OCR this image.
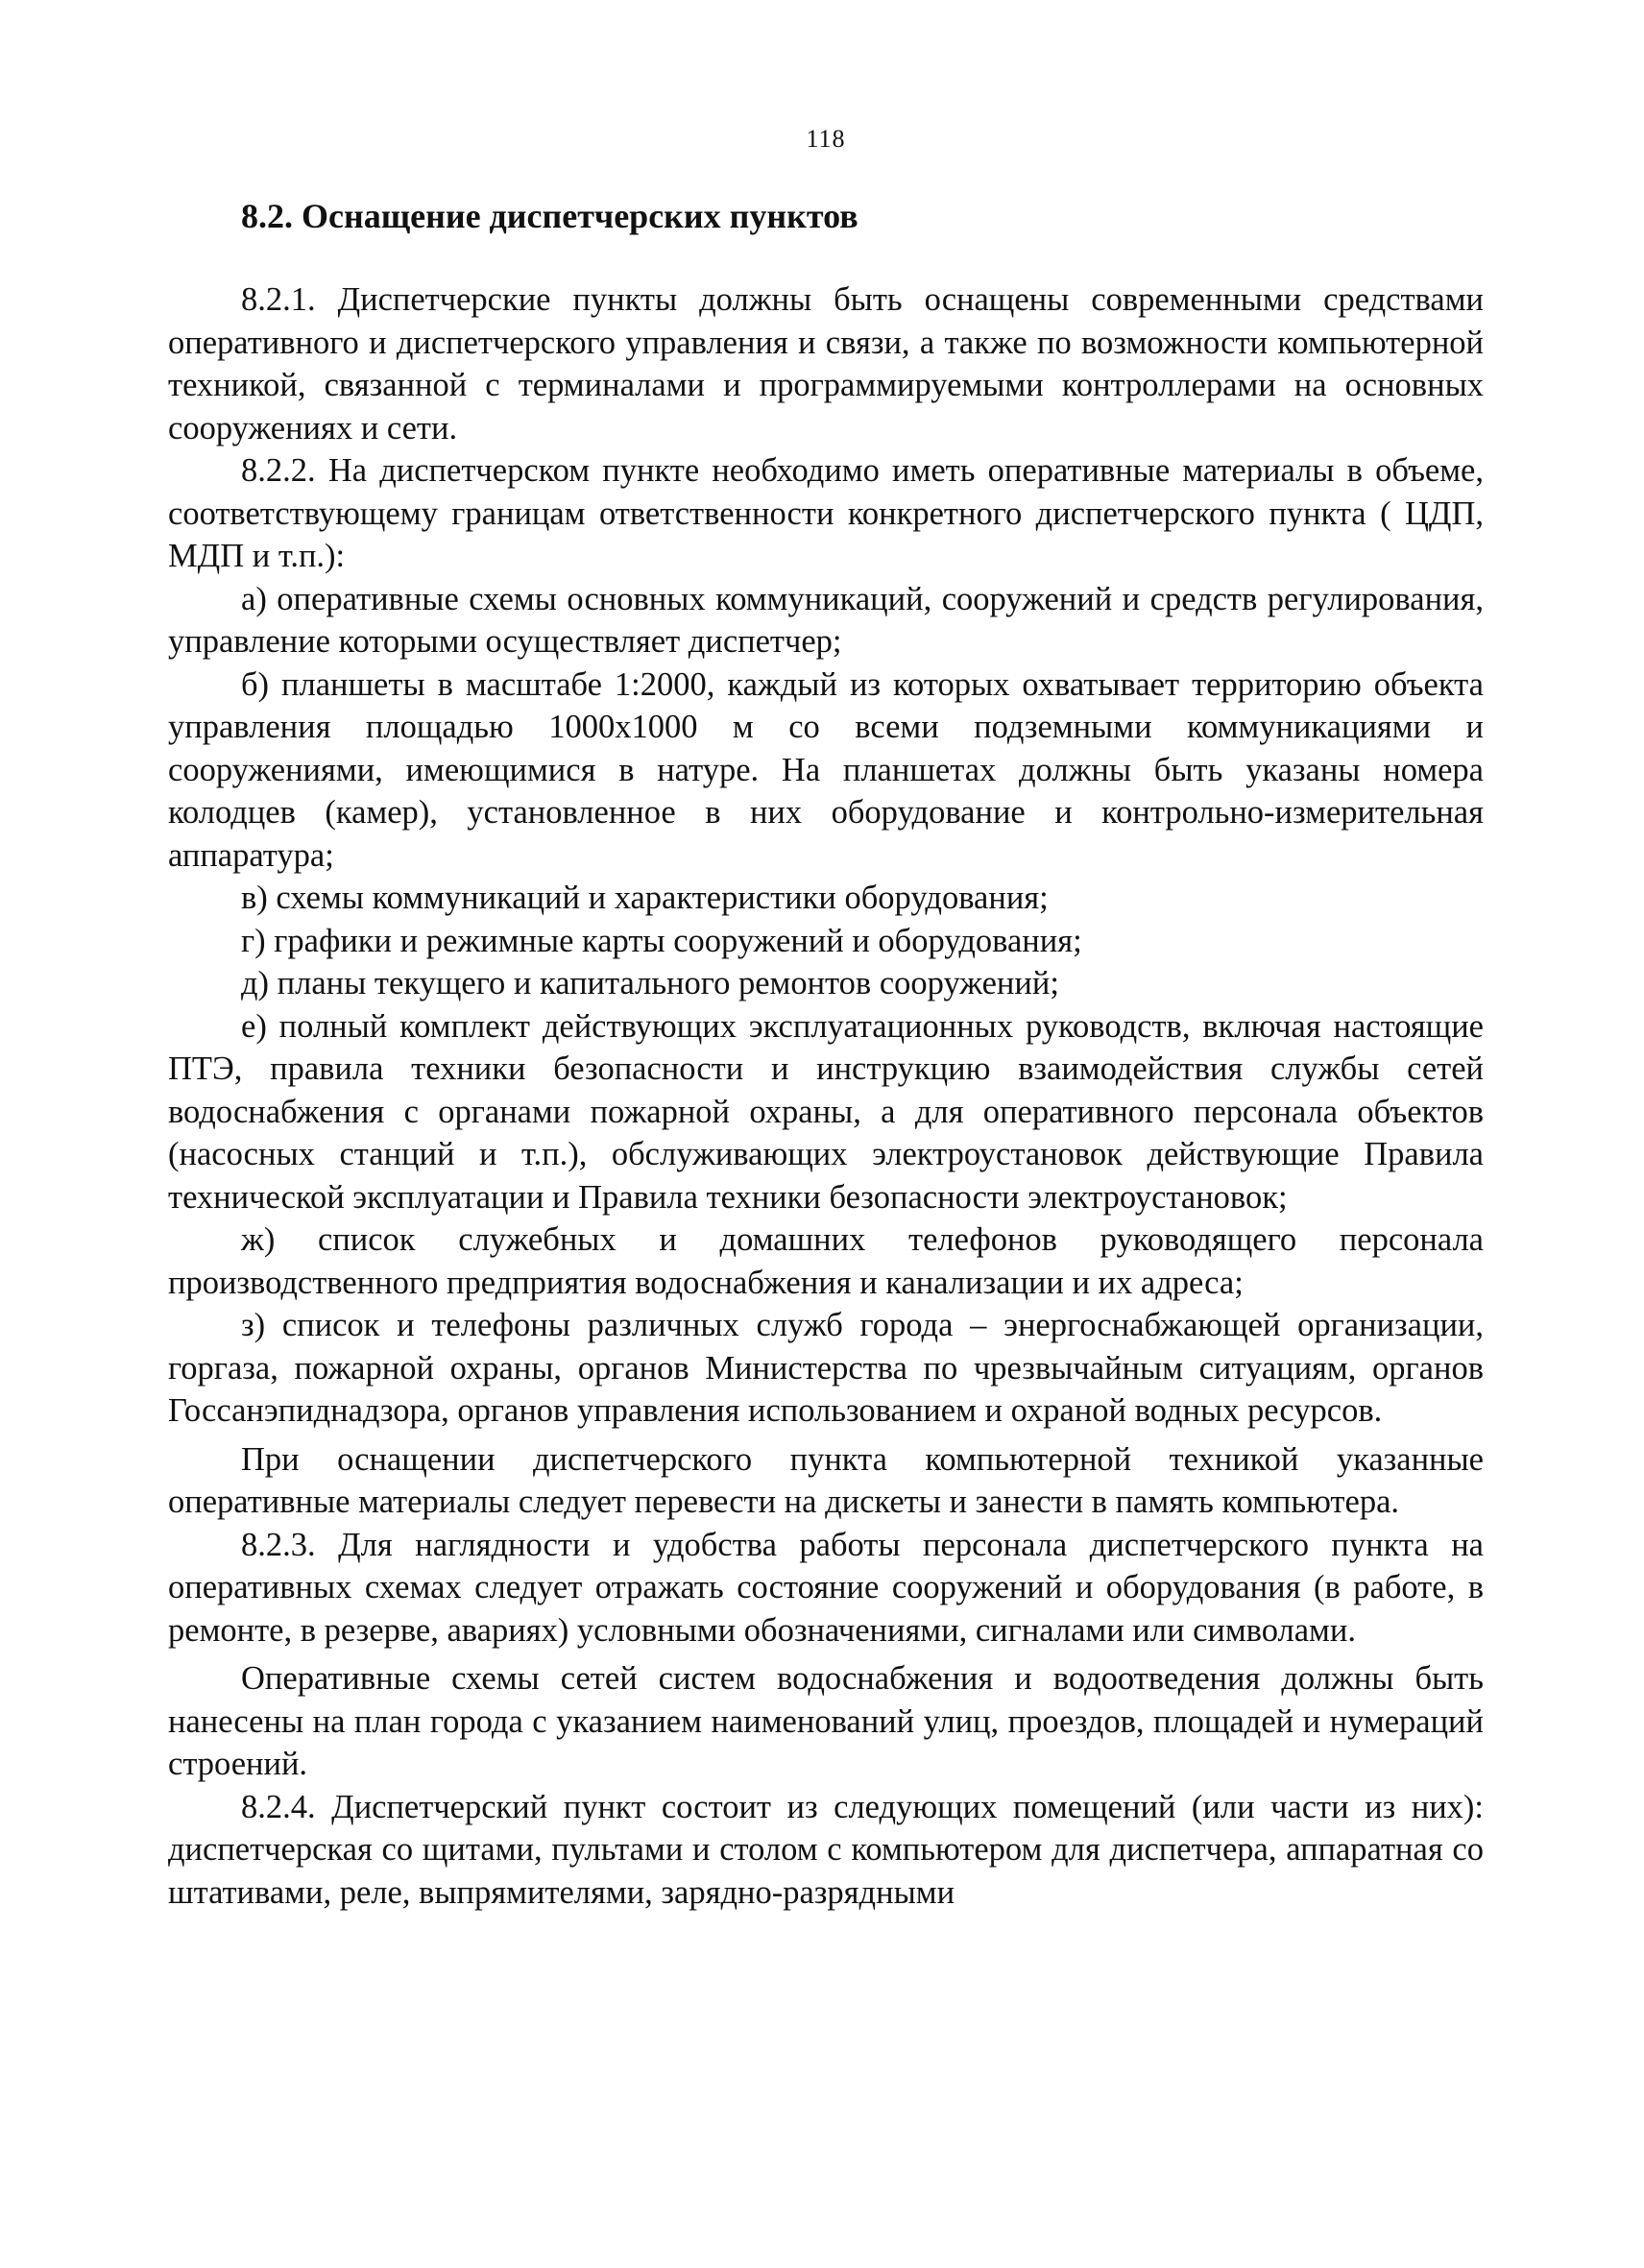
118
8.2. Оснащение диспетчерских пунктов

8.2.1. Диспетчерские пункты должны быть оснащены современными средствами оперативного и диспетчерского управления и связи, а также по возможности компьютерной техникой, связанной с терминалами и программируемыми контроллерами на основных сооружениях и сети.

8.2.2. На диспетчерском пункте необходимо иметь оперативные материалы в объеме, соответствующему границам ответственности конкретного диспетчерского пункта ( ЦДП, МДП и т.п.):

а) оперативные схемы основных коммуникаций, сооружений и средств регулирования, управление которыми осуществляет диспетчер;

б) планшеты в масштабе 1:2000, каждый из которых охватывает территорию объекта управления площадью 1000х1000 м со всеми подземными коммуникациями и сооружениями, имеющимися в натуре. На планшетах должны быть указаны номера колодцев (камер), установленное в них оборудование и контрольно-измерительная аппаратура;

в) схемы коммуникаций и характеристики оборудования;

г) графики и режимные карты сооружений и оборудования;

д) планы текущего и капитального ремонтов сооружений;

е) полный комплект действующих эксплуатационных руководств, включая настоящие ПТЭ, правила техники безопасности и инструкцию взаимодействия службы сетей водоснабжения с органами пожарной охраны, а для оперативного персонала объектов (насосных станций и т.п.), обслуживающих электроустановок действующие Правила технической эксплуатации и Правила техники безопасности электроустановок;

ж) список служебных и домашних телефонов руководящего персонала производственного предприятия водоснабжения и канализации и их адреса;

з) список и телефоны различных служб города – энергоснабжающей организации, горгаза, пожарной охраны, органов Министерства по чрезвычайным ситуациям, органов Госсанэпиднадзора, органов управления использованием и охраной водных ресурсов.

При оснащении диспетчерского пункта компьютерной техникой указанные оперативные материалы следует перевести на дискеты и занести в память компьютера.

8.2.3. Для наглядности и удобства работы персонала диспетчерского пункта на оперативных схемах следует отражать состояние сооружений и оборудования (в работе, в ремонте, в резерве, авариях) условными обозначениями, сигналами или символами.

Оперативные схемы сетей систем водоснабжения и водоотведения должны быть нанесены на план города с указанием наименований улиц, проездов, площадей и нумераций строений.

8.2.4. Диспетчерский пункт состоит из следующих помещений (или части из них): диспетчерская со щитами, пультами и столом с компьютером для диспетчера, аппаратная со штативами, реле, выпрямителями, зарядно-разрядными
